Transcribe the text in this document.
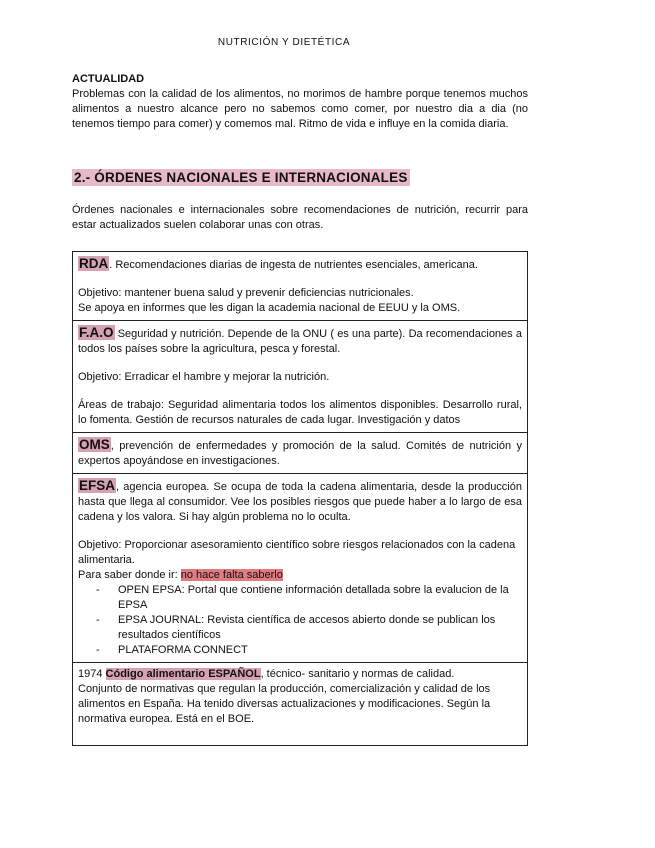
NUTRICIÓN Y DIETÉTICA
ACTUALIDAD
Problemas con la calidad de los alimentos, no morimos de hambre porque tenemos muchos alimentos a nuestro alcance pero no sabemos como comer, por nuestro dia a dia (no tenemos tiempo para comer) y comemos mal. Ritmo de vida e influye en la comida diaria.
2.- ÓRDENES NACIONALES E INTERNACIONALES
Órdenes nacionales e internacionales sobre recomendaciones de nutrición, recurrir para estar actualizados suelen colaborar unas con otras.
RDA. Recomendaciones diarias de ingesta de nutrientes esenciales, americana.
Objetivo: mantener buena salud y prevenir deficiencias nutricionales.
Se apoya en informes que les digan la academia nacional de EEUU y la OMS.
F.A.O Seguridad y nutrición. Depende de la ONU ( es una parte). Da recomendaciones a todos los países sobre la agricultura, pesca y forestal.
Objetivo: Erradicar el hambre y mejorar la nutrición.
Áreas de trabajo: Seguridad alimentaria todos los alimentos disponibles. Desarrollo rural, lo fomenta. Gestión de recursos naturales de cada lugar. Investigación y datos
OMS, prevención de enfermedades y promoción de la salud. Comités de nutrición y expertos apoyándose en investigaciones.
EFSA, agencia europea. Se ocupa de toda la cadena alimentaria, desde la producción hasta que llega al consumidor. Vee los posibles riesgos que puede haber a lo largo de esa cadena y los valora. Si hay algún problema no lo oculta.
Objetivo: Proporcionar asesoramiento científico sobre riesgos relacionados con la cadena alimentaria.
Para saber donde ir: no hace falta saberlo
- OPEN EPSA: Portal que contiene información detallada sobre la evalucion de la EPSA
- EPSA JOURNAL: Revista científica de accesos abierto donde se publican los resultados científicos
- PLATAFORMA CONNECT
1974 Código alimentario ESPAÑOL, técnico- sanitario y normas de calidad.
Conjunto de normativas que regulan la producción, comercialización y calidad de los alimentos en España. Ha tenido diversas actualizaciones y modificaciones. Según la normativa europea. Está en el BOE.
